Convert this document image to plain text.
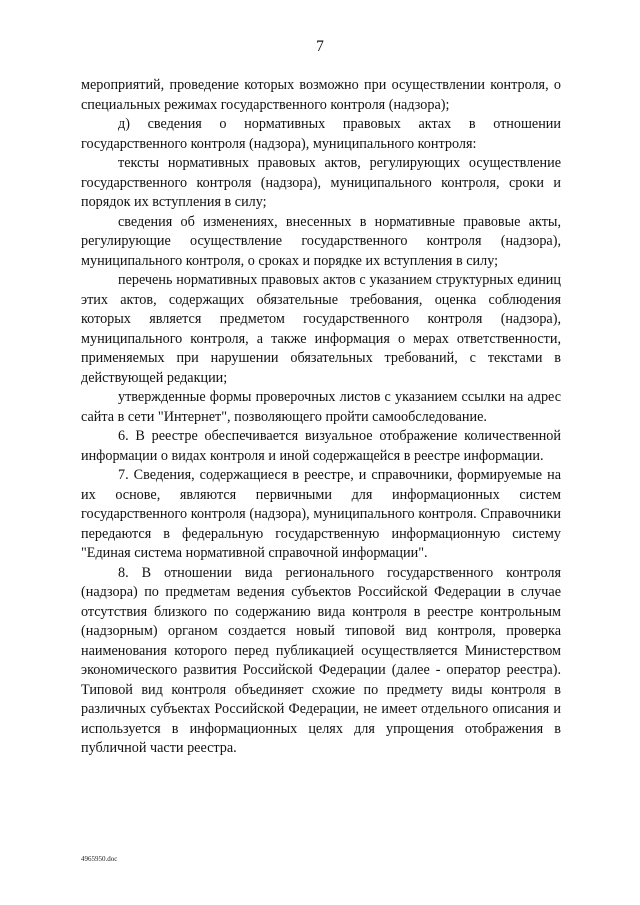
7

мероприятий, проведение которых возможно при осуществлении контроля, о специальных режимах государственного контроля (надзора);

д) сведения о нормативных правовых актах в отношении государственного контроля (надзора), муниципального контроля:

тексты нормативных правовых актов, регулирующих осуществление государственного контроля (надзора), муниципального контроля, сроки и порядок их вступления в силу;

сведения об изменениях, внесенных в нормативные правовые акты, регулирующие осуществление государственного контроля (надзора), муниципального контроля, о сроках и порядке их вступления в силу;

перечень нормативных правовых актов с указанием структурных единиц этих актов, содержащих обязательные требования, оценка соблюдения которых является предметом государственного контроля (надзора), муниципального контроля, а также информация о мерах ответственности, применяемых при нарушении обязательных требований, с текстами в действующей редакции;

утвержденные формы проверочных листов с указанием ссылки на адрес сайта в сети "Интернет", позволяющего пройти самообследование.

6. В реестре обеспечивается визуальное отображение количественной информации о видах контроля и иной содержащейся в реестре информации.

7. Сведения, содержащиеся в реестре, и справочники, формируемые на их основе, являются первичными для информационных систем государственного контроля (надзора), муниципального контроля. Справочники передаются в федеральную государственную информационную систему "Единая система нормативной справочной информации".

8. В отношении вида регионального государственного контроля (надзора) по предметам ведения субъектов Российской Федерации в случае отсутствия близкого по содержанию вида контроля в реестре контрольным (надзорным) органом создается новый типовой вид контроля, проверка наименования которого перед публикацией осуществляется Министерством экономического развития Российской Федерации (далее - оператор реестра). Типовой вид контроля объединяет схожие по предмету виды контроля в различных субъектах Российской Федерации, не имеет отдельного описания и используется в информационных целях для упрощения отображения в публичной части реестра.

4965950.doc
